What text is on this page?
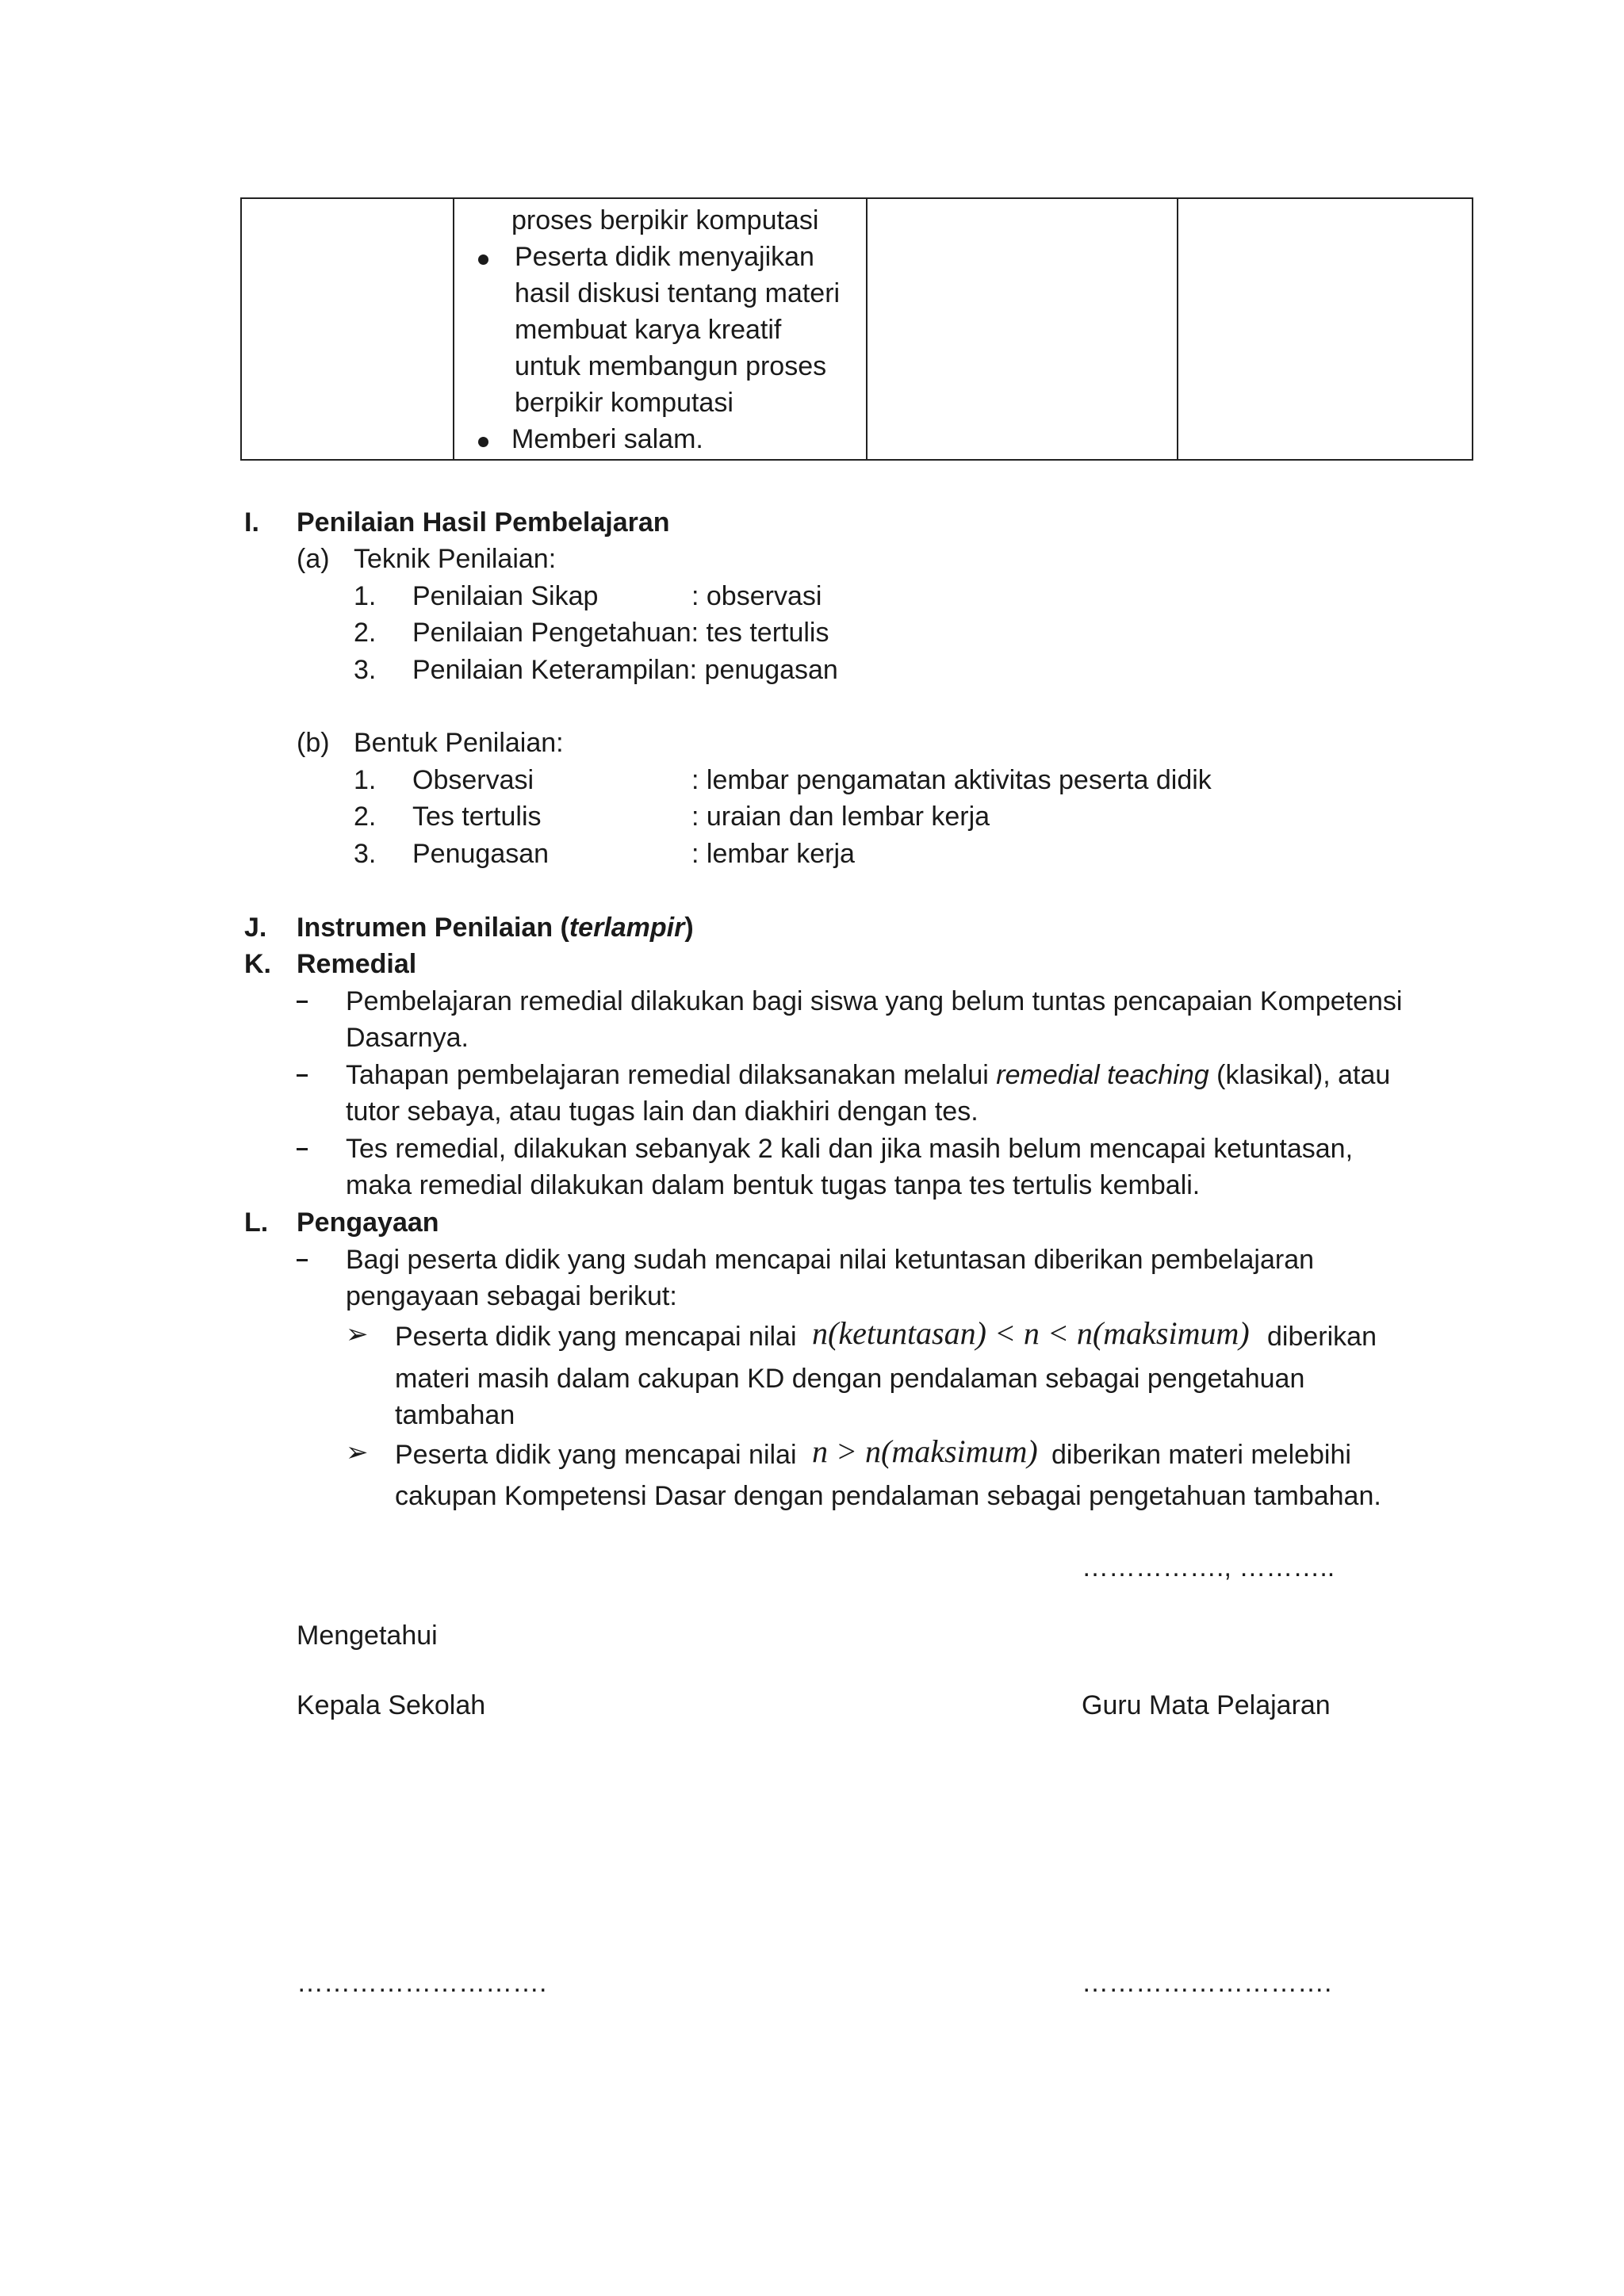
proses berpikir komputasi
Peserta didik menyajikan
hasil diskusi tentang materi
membuat karya kreatif
untuk membangun proses
berpikir komputasi
Memberi salam.

I. Penilaian Hasil Pembelajaran
(a) Teknik Penilaian:
1. Penilaian Sikap	: observasi
2. Penilaian Pengetahuan: tes tertulis
3. Penilaian Keterampilan: penugasan
(b) Bentuk Penilaian:
1. Observasi	: lembar pengamatan aktivitas peserta didik
2. Tes tertulis	: uraian dan lembar kerja
3. Penugasan	: lembar kerja
J. Instrumen Penilaian (terlampir)
K. Remedial
Pembelajaran remedial dilakukan bagi siswa yang belum tuntas pencapaian Kompetensi
Dasarnya.
Tahapan pembelajaran remedial dilaksanakan melalui remedial teaching (klasikal), atau
tutor sebaya, atau tugas lain dan diakhiri dengan tes.
Tes remedial, dilakukan sebanyak 2 kali dan jika masih belum mencapai ketuntasan,
maka remedial dilakukan dalam bentuk tugas tanpa tes tertulis kembali.
L. Pengayaan
Bagi peserta didik yang sudah mencapai nilai ketuntasan diberikan pembelajaran
pengayaan sebagai berikut:
➢ Peserta didik yang mencapai nilai n(ketuntasan) < n < n(maksimum) diberikan
materi masih dalam cakupan KD dengan pendalaman sebagai pengetahuan
tambahan
➢ Peserta didik yang mencapai nilai n > n(maksimum) diberikan materi melebihi
cakupan Kompetensi Dasar dengan pendalaman sebagai pengetahuan tambahan.
……………., ………..
Mengetahui
Kepala Sekolah	Guru Mata Pelajaran
……………………….	……………………….
